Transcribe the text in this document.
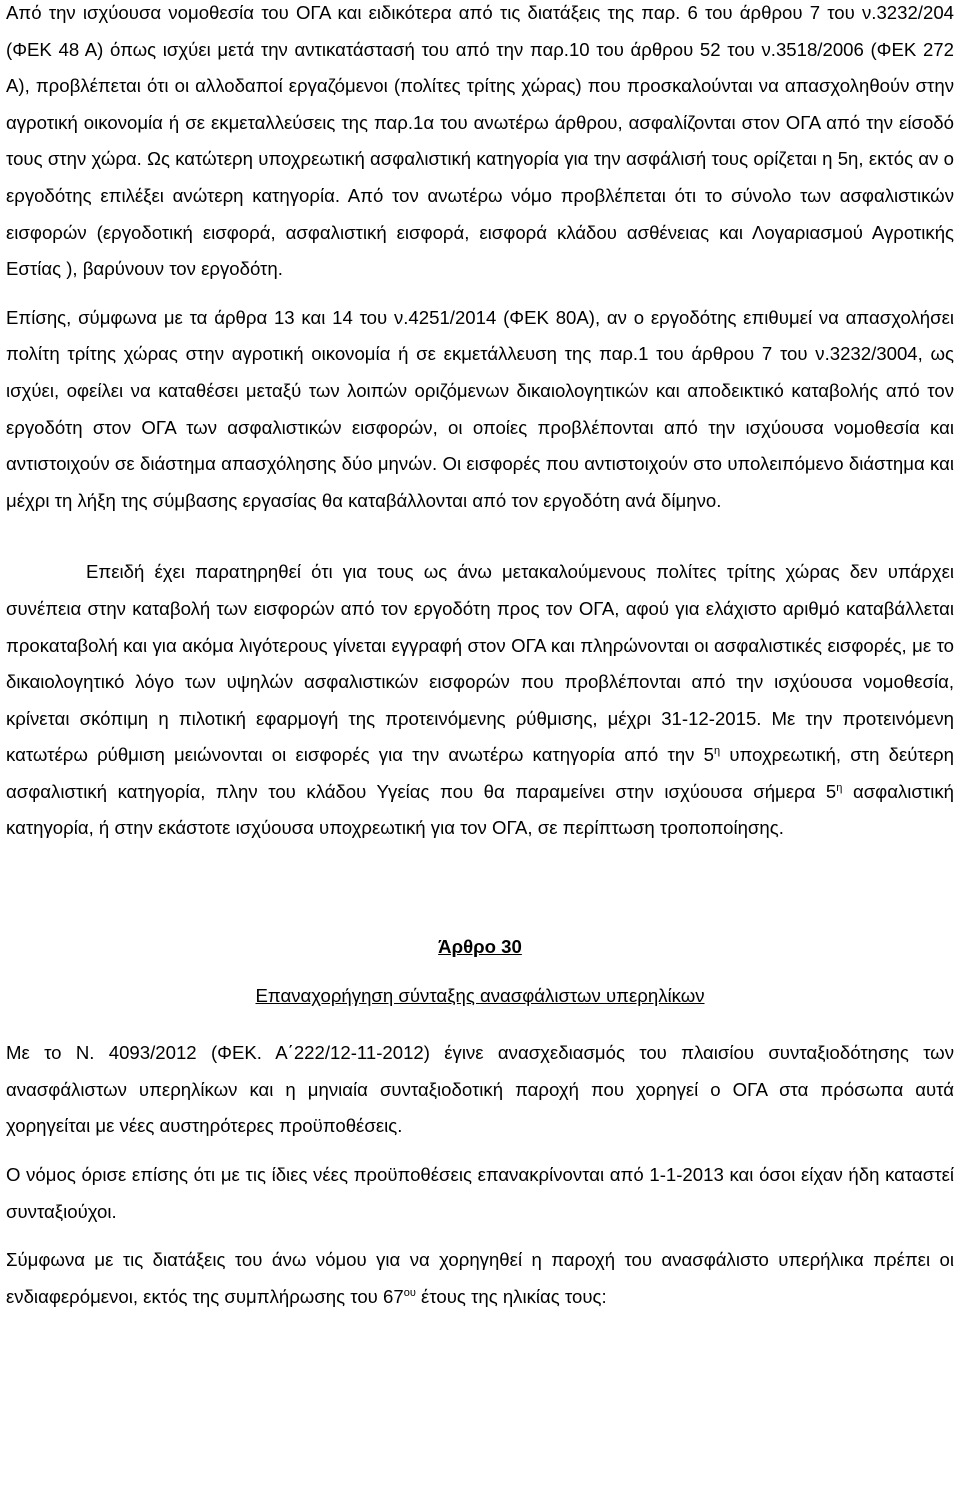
Από την ισχύουσα νομοθεσία του ΟΓΑ και ειδικότερα από τις διατάξεις της παρ. 6 του άρθρου 7 του ν.3232/204 (ΦΕΚ 48 Α) όπως ισχύει μετά την αντικατάστασή του από την παρ.10 του άρθρου 52 του ν.3518/2006 (ΦΕΚ 272 Α), προβλέπεται ότι οι αλλοδαποί εργαζόμενοι (πολίτες τρίτης χώρας) που προσκαλούνται να απασχοληθούν στην αγροτική οικονομία ή σε εκμεταλλεύσεις της παρ.1α του ανωτέρω άρθρου, ασφαλίζονται στον ΟΓΑ από την είσοδό τους στην χώρα. Ως κατώτερη υποχρεωτική ασφαλιστική κατηγορία για την ασφάλισή τους ορίζεται η 5η, εκτός αν ο εργοδότης επιλέξει ανώτερη κατηγορία. Από τον ανωτέρω νόμο προβλέπεται ότι το σύνολο των ασφαλιστικών εισφορών (εργοδοτική εισφορά, ασφαλιστική εισφορά, εισφορά κλάδου ασθένειας και Λογαριασμού Αγροτικής Εστίας ), βαρύνουν τον εργοδότη.

Επίσης, σύμφωνα με τα άρθρα 13 και 14 του ν.4251/2014 (ΦΕΚ 80Α), αν ο εργοδότης επιθυμεί να απασχολήσει πολίτη τρίτης χώρας στην αγροτική οικονομία ή σε εκμετάλλευση της παρ.1 του άρθρου 7 του ν.3232/3004, ως ισχύει, οφείλει να καταθέσει μεταξύ των λοιπών οριζόμενων δικαιολογητικών και αποδεικτικό καταβολής από τον εργοδότη στον ΟΓΑ των ασφαλιστικών εισφορών, οι οποίες προβλέπονται από την ισχύουσα νομοθεσία και αντιστοιχούν σε διάστημα απασχόλησης δύο μηνών. Οι εισφορές που αντιστοιχούν στο υπολειπόμενο διάστημα και μέχρι τη λήξη της σύμβασης εργασίας θα καταβάλλονται από τον εργοδότη ανά δίμηνο.

Επειδή έχει παρατηρηθεί ότι για τους ως άνω μετακαλούμενους πολίτες τρίτης χώρας δεν υπάρχει συνέπεια στην καταβολή των εισφορών από τον εργοδότη προς τον ΟΓΑ, αφού για ελάχιστο αριθμό καταβάλλεται προκαταβολή και για ακόμα λιγότερους γίνεται εγγραφή στον ΟΓΑ και πληρώνονται οι ασφαλιστικές εισφορές, με το δικαιολογητικό λόγο των υψηλών ασφαλιστικών εισφορών που προβλέπονται από την ισχύουσα νομοθεσία, κρίνεται σκόπιμη η πιλοτική εφαρμογή της προτεινόμενης ρύθμισης, μέχρι 31-12-2015. Με την προτεινόμενη κατωτέρω ρύθμιση μειώνονται οι εισφορές για την ανωτέρω κατηγορία από την $5^\eta$ υποχρεωτική, στη δεύτερη ασφαλιστική κατηγορία, πλην του κλάδου Υγείας που θα παραμείνει στην ισχύουσα σήμερα $5^\eta$ ασφαλιστική κατηγορία, ή στην εκάστοτε ισχύουσα υποχρεωτική για τον ΟΓΑ, σε περίπτωση τροποποίησης.

Άρθρο 30

Επαναχορήγηση σύνταξης ανασφάλιστων υπερηλίκων

Με το Ν. 4093/2012 (ΦΕΚ. Α΄222/12-11-2012) έγινε ανασχεδιασμός του πλαισίου συνταξιοδότησης των ανασφάλιστων υπερηλίκων και η μηνιαία συνταξιοδοτική παροχή που χορηγεί ο ΟΓΑ στα πρόσωπα αυτά χορηγείται με νέες αυστηρότερες προϋποθέσεις.

Ο νόμος όρισε επίσης ότι με τις ίδιες νέες προϋποθέσεις επανακρίνονται από 1-1-2013 και όσοι είχαν ήδη καταστεί συνταξιούχοι.

Σύμφωνα με τις διατάξεις του άνω νόμου για να χορηγηθεί η παροχή του ανασφάλιστο υπερήλικα πρέπει οι ενδιαφερόμενοι, εκτός της συμπλήρωσης του $67^{o\upsilon}$ έτους της ηλικίας τους:
